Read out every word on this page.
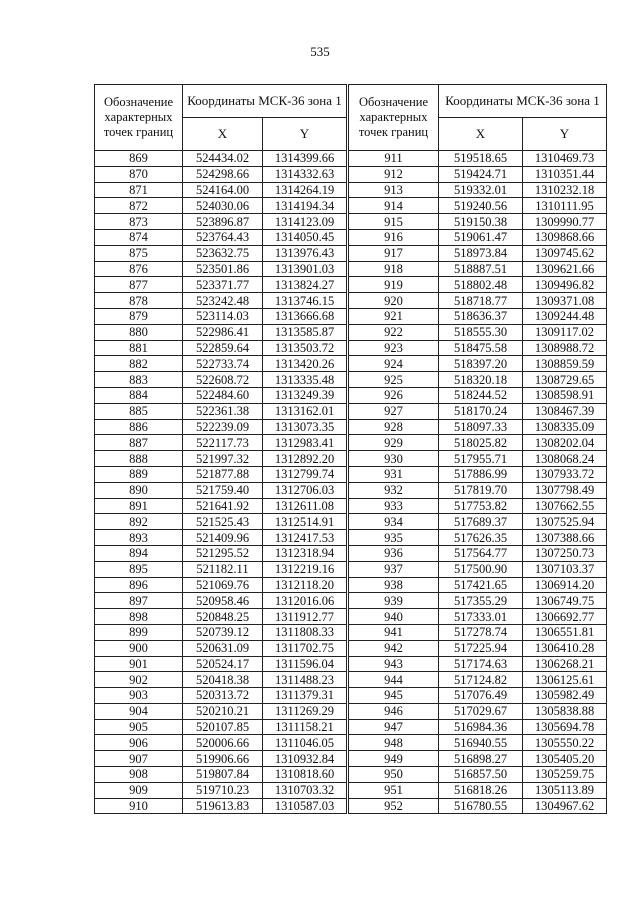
535
Обозначение характерных точек границ	Координаты МСК-36 зона 1	
	X	Y
869	524434.02	1314399.66
870	524298.66	1314332.63
871	524164.00	1314264.19
872	524030.06	1314194.34
873	523896.87	1314123.09
874	523764.43	1314050.45
875	523632.75	1313976.43
876	523501.86	1313901.03
877	523371.77	1313824.27
878	523242.48	1313746.15
879	523114.03	1313666.68
880	522986.41	1313585.87
881	522859.64	1313503.72
882	522733.74	1313420.26
883	522608.72	1313335.48
884	522484.60	1313249.39
885	522361.38	1313162.01
886	522239.09	1313073.35
887	522117.73	1312983.41
888	521997.32	1312892.20
889	521877.88	1312799.74
890	521759.40	1312706.03
891	521641.92	1312611.08
892	521525.43	1312514.91
893	521409.96	1312417.53
894	521295.52	1312318.94
895	521182.11	1312219.16
896	521069.76	1312118.20
897	520958.46	1312016.06
898	520848.25	1311912.77
899	520739.12	1311808.33
900	520631.09	1311702.75
901	520524.17	1311596.04
902	520418.38	1311488.23
903	520313.72	1311379.31
904	520210.21	1311269.29
905	520107.85	1311158.21
906	520006.66	1311046.05
907	519906.66	1310932.84
908	519807.84	1310818.60
909	519710.23	1310703.32
910	519613.83	1310587.03
Обозначение характерных точек границ	Координаты МСК-36 зона 1	
	X	Y
911	519518.65	1310469.73
912	519424.71	1310351.44
913	519332.01	1310232.18
914	519240.56	1310111.95
915	519150.38	1309990.77
916	519061.47	1309868.66
917	518973.84	1309745.62
918	518887.51	1309621.66
919	518802.48	1309496.82
920	518718.77	1309371.08
921	518636.37	1309244.48
922	518555.30	1309117.02
923	518475.58	1308988.72
924	518397.20	1308859.59
925	518320.18	1308729.65
926	518244.52	1308598.91
927	518170.24	1308467.39
928	518097.33	1308335.09
929	518025.82	1308202.04
930	517955.71	1308068.24
931	517886.99	1307933.72
932	517819.70	1307798.49
933	517753.82	1307662.55
934	517689.37	1307525.94
935	517626.35	1307388.66
936	517564.77	1307250.73
937	517500.90	1307103.37
938	517421.65	1306914.20
939	517355.29	1306749.75
940	517333.01	1306692.77
941	517278.74	1306551.81
942	517225.94	1306410.28
943	517174.63	1306268.21
944	517124.82	1306125.61
945	517076.49	1305982.49
946	517029.67	1305838.88
947	516984.36	1305694.78
948	516940.55	1305550.22
949	516898.27	1305405.20
950	516857.50	1305259.75
951	516818.26	1305113.89
952	516780.55	1304967.62
